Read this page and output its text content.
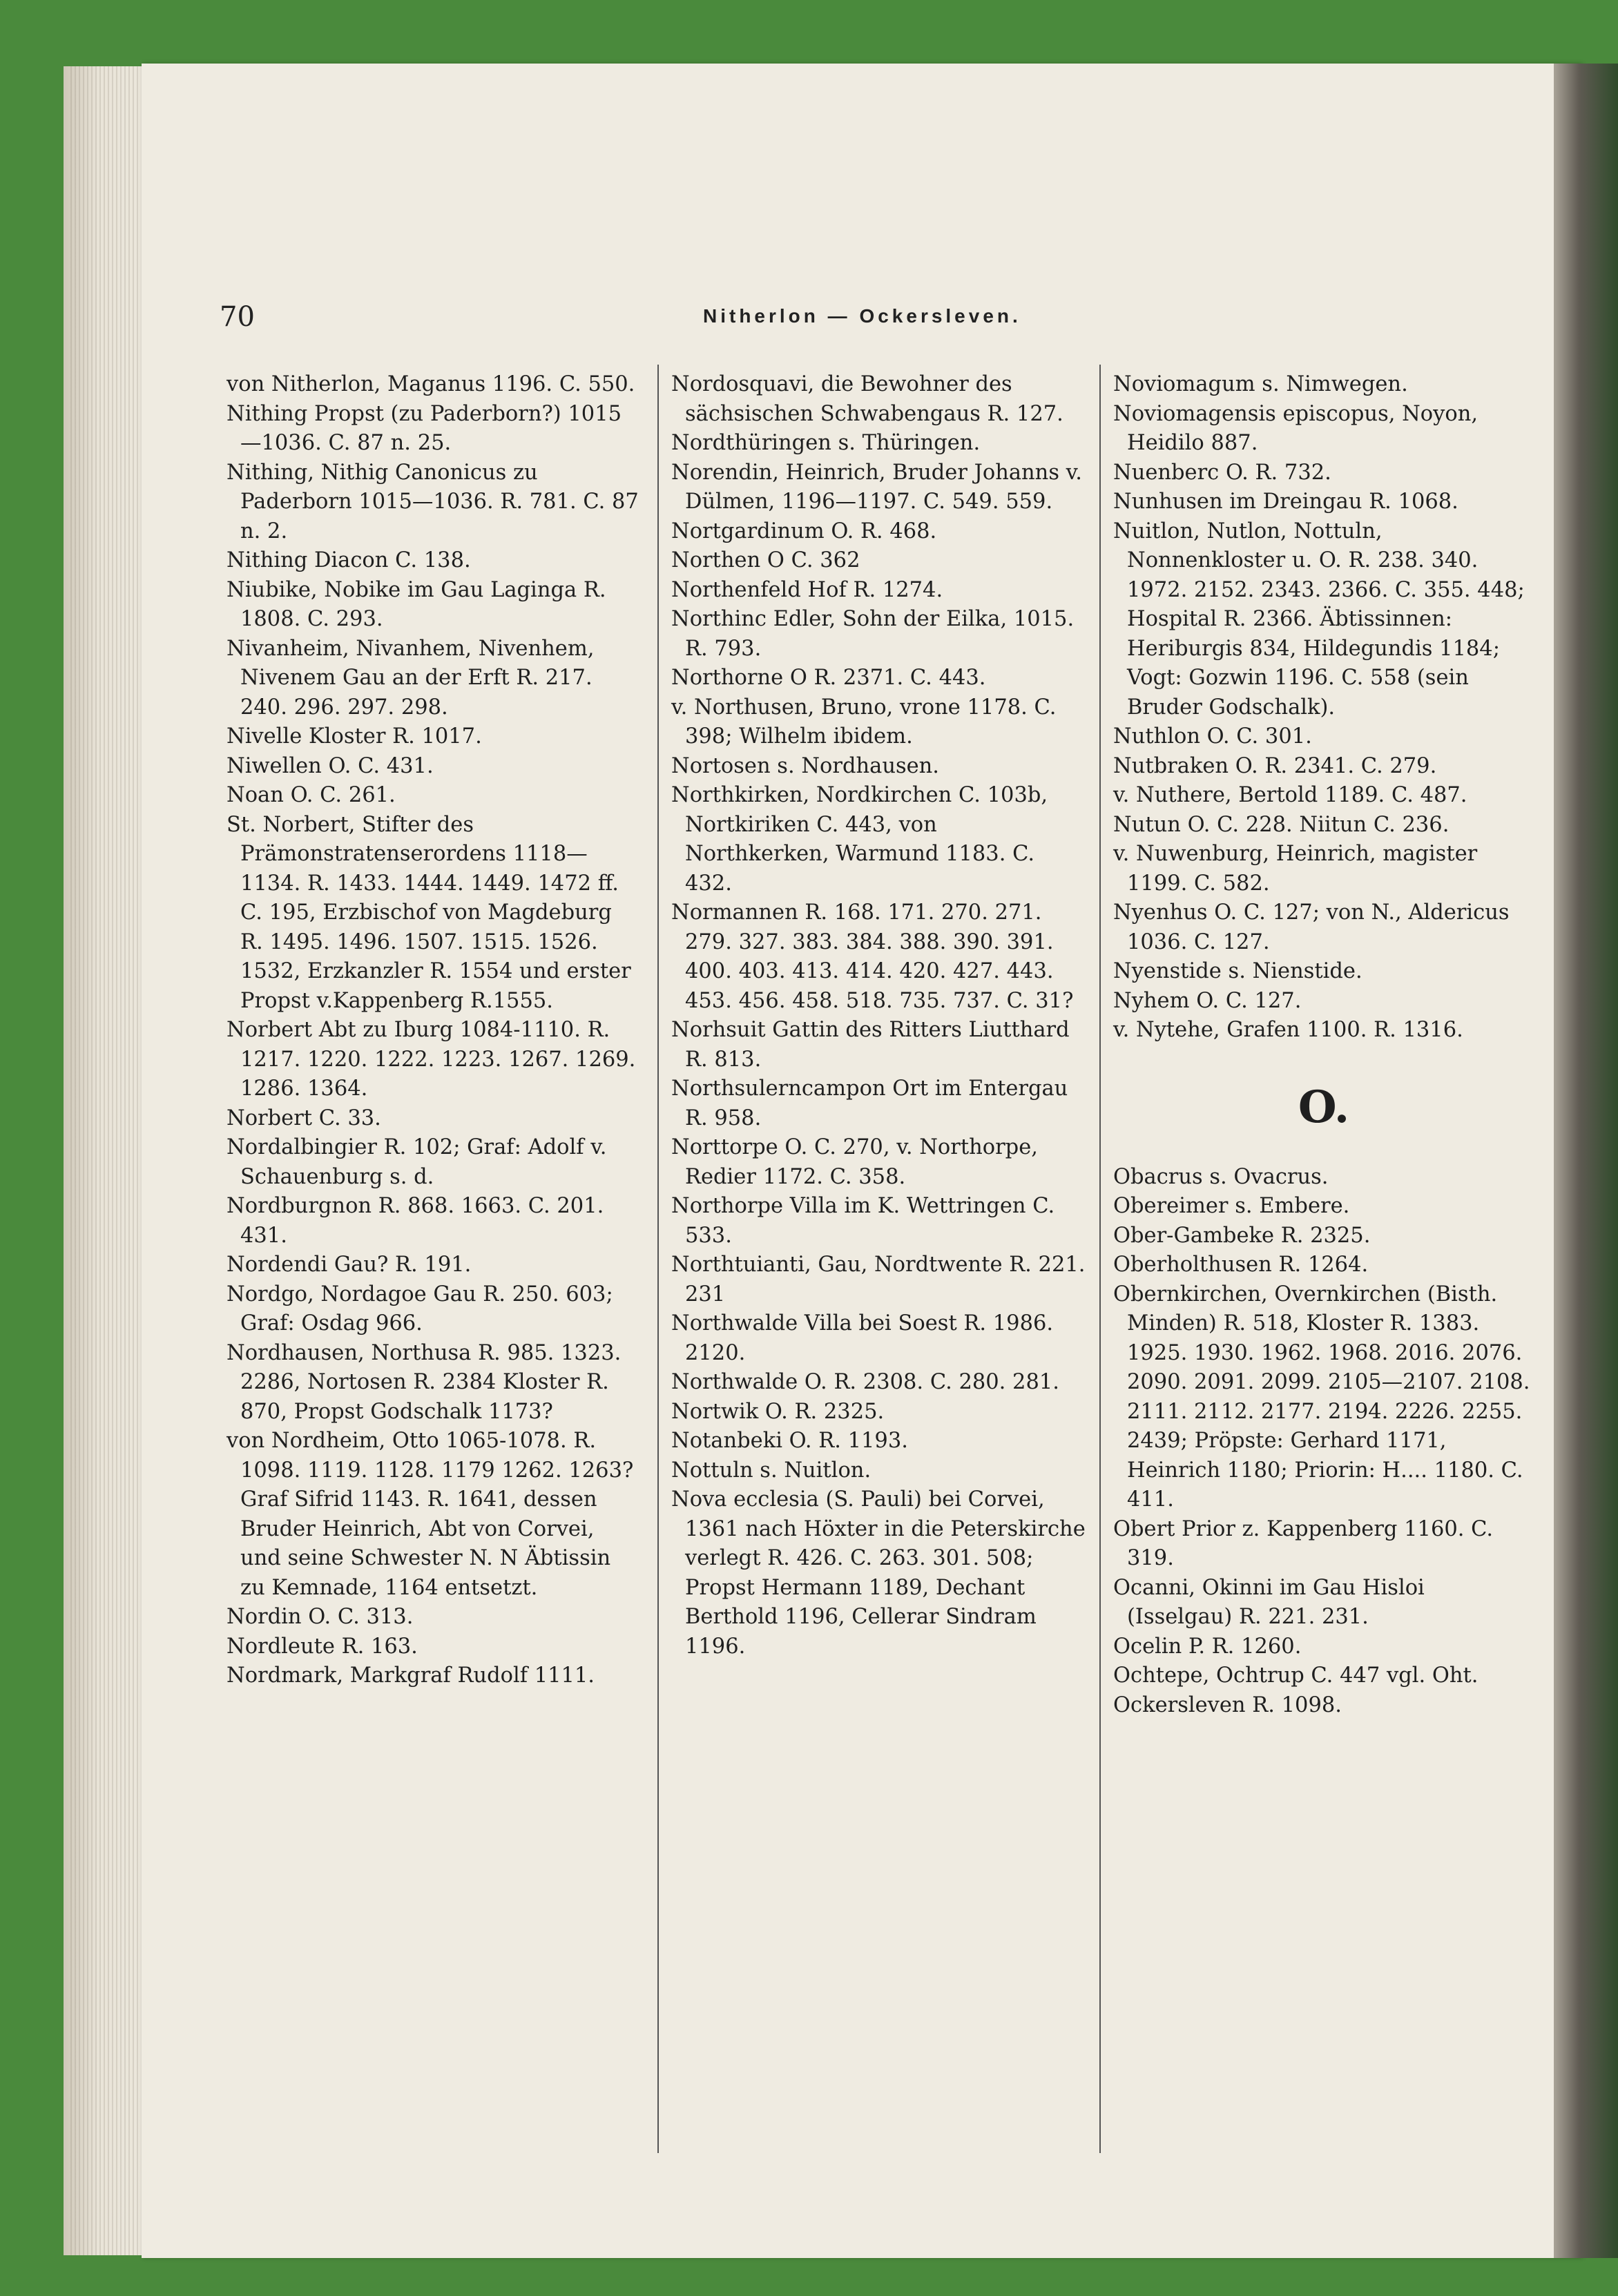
70	Nitherlon — Ockersleven.

von Nitherlon, Maganus 1196. C. 550.

Nithing Propst (zu Paderborn?) 1015—1036. C. 87 n. 25.

Nithing, Nithig Canonicus zu Paderborn 1015—1036. R. 781. C. 87 n. 2.

Nithing Diacon C. 138.

Niubike, Nobike im Gau Laginga R. 1808. C. 293.

Nivanheim, Nivanhem, Nivenhem, Nivenem Gau an der Erft R. 217. 240. 296. 297. 298.

Nivelle Kloster R. 1017.

Niwellen O. C. 431.

Noan O. C. 261.

St. Norbert, Stifter des Prämonstratenserordens 1118—1134. R. 1433. 1444. 1449. 1472 ff. C. 195, Erzbischof von Magdeburg R. 1495. 1496. 1507. 1515. 1526. 1532, Erzkanzler R. 1554 und erster Propst v.Kappenberg R.1555.

Norbert Abt zu Iburg 1084-1110. R. 1217. 1220. 1222. 1223. 1267. 1269. 1286. 1364.

Norbert C. 33.

Nordalbingier R. 102; Graf: Adolf v. Schauenburg s. d.

Nordburgnon R. 868. 1663. C. 201. 431.

Nordendi Gau? R. 191.

Nordgo, Nordagoe Gau R. 250. 603; Graf: Osdag 966.

Nordhausen, Northusa R. 985. 1323. 2286, Nortosen R. 2384 Kloster R. 870, Propst Godschalk 1173?

von Nordheim, Otto 1065-1078. R. 1098. 1119. 1128. 1179 1262. 1263? Graf Sifrid 1143. R. 1641, dessen Bruder Heinrich, Abt von Corvei, und seine Schwester N. N Äbtissin zu Kemnade, 1164 entsetzt.

Nordin O. C. 313.

Nordleute R. 163.

Nordmark, Markgraf Rudolf 1111.

Nordosquavi, die Bewohner des sächsischen Schwabengaus R. 127.

Nordthüringen s. Thüringen.

Norendin, Heinrich, Bruder Johanns v. Dülmen, 1196—1197. C. 549. 559.

Nortgardinum O. R. 468.

Northen O C. 362

Northenfeld Hof R. 1274.

Northinc Edler, Sohn der Eilka, 1015. R. 793.

Northorne O R. 2371. C. 443.

v. Northusen, Bruno, vrone 1178. C. 398; Wilhelm ibidem.

Nortosen s. Nordhausen.

Northkirken, Nordkirchen C. 103b, Nortkiriken C. 443, von Northkerken, Warmund 1183. C. 432.

Normannen R. 168. 171. 270. 271. 279. 327. 383. 384. 388. 390. 391. 400. 403. 413. 414. 420. 427. 443. 453. 456. 458. 518. 735. 737. C. 31?

Norhsuit Gattin des Ritters Liutthard R. 813.

Northsulerncampon Ort im Entergau R. 958.

Norttorpe O. C. 270, v. Northorpe, Redier 1172. C. 358.

Northorpe Villa im K. Wettringen C. 533.

Northtuianti, Gau, Nordtwente R. 221. 231

Northwalde Villa bei Soest R. 1986. 2120.

Northwalde O. R. 2308. C. 280. 281.

Nortwik O. R. 2325.

Notanbeki O. R. 1193.

Nottuln s. Nuitlon.

Nova ecclesia (S. Pauli) bei Corvei, 1361 nach Höxter in die Peterskirche verlegt R. 426. C. 263. 301. 508; Propst Hermann 1189, Dechant Berthold 1196, Cellerar Sindram 1196.

Noviomagum s. Nimwegen.

Noviomagensis episcopus, Noyon, Heidilo 887.

Nuenberc O. R. 732.

Nunhusen im Dreingau R. 1068.

Nuitlon, Nutlon, Nottuln, Nonnenkloster u. O. R. 238. 340. 1972. 2152. 2343. 2366. C. 355. 448; Hospital R. 2366. Äbtissinnen: Heriburgis 834, Hildegundis 1184; Vogt: Gozwin 1196. C. 558 (sein Bruder Godschalk).

Nuthlon O. C. 301.

Nutbraken O. R. 2341. C. 279.

v. Nuthere, Bertold 1189. C. 487.

Nutun O. C. 228. Niitun C. 236.

v. Nuwenburg, Heinrich, magister 1199. C. 582.

Nyenhus O. C. 127; von N., Aldericus 1036. C. 127.

Nyenstide s. Nienstide.

Nyhem O. C. 127.

v. Nytehe, Grafen 1100. R. 1316.

O.

Obacrus s. Ovacrus.

Obereimer s. Embere.

Ober-Gambeke R. 2325.

Oberholthusen R. 1264.

Obernkirchen, Overnkirchen (Bisth. Minden) R. 518, Kloster R. 1383. 1925. 1930. 1962. 1968. 2016. 2076. 2090. 2091. 2099. 2105—2107. 2108. 2111. 2112. 2177. 2194. 2226. 2255. 2439; Pröpste: Gerhard 1171, Heinrich 1180; Priorin: H.... 1180. C. 411.

Obert Prior z. Kappenberg 1160. C. 319.

Ocanni, Okinni im Gau Hisloi (Isselgau) R. 221. 231.

Ocelin P. R. 1260.

Ochtepe, Ochtrup C. 447 vgl. Oht.

Ockersleven R. 1098.
